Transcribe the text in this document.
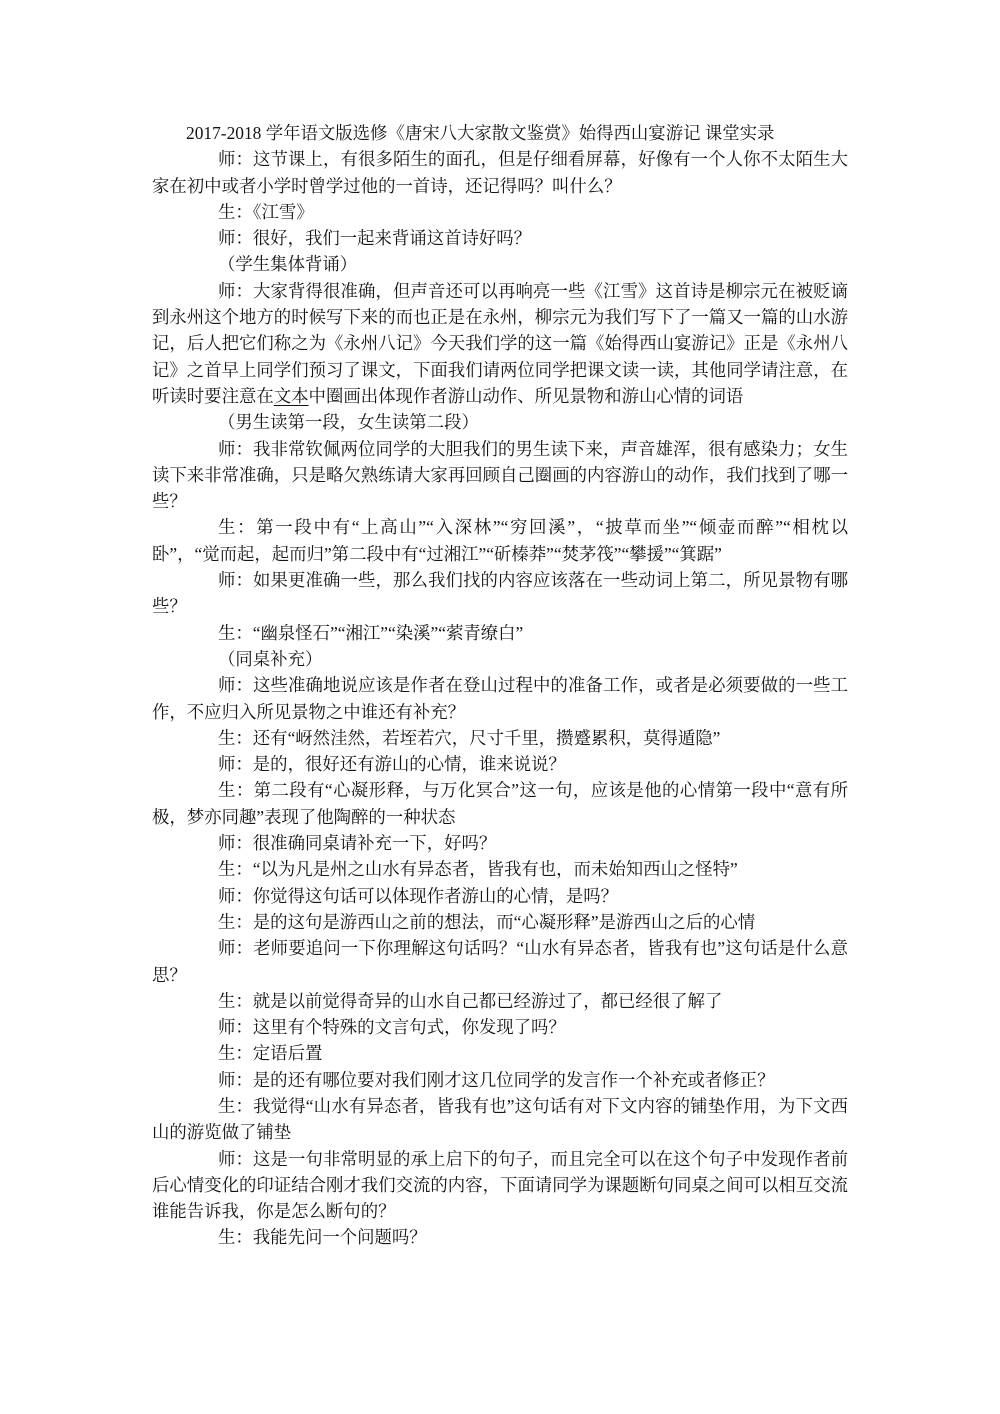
2017-2018 学年语文版选修《唐宋八大家散文鉴赏》始得西山宴游记 课堂实录

师：这节课上，有很多陌生的面孔，但是仔细看屏幕，好像有一个人你不太陌生大家在初中或者小学时曾学过他的一首诗，还记得吗？叫什么？

生：《江雪》

师：很好，我们一起来背诵这首诗好吗？

（学生集体背诵）

师：大家背得很准确，但声音还可以再响亮一些《江雪》这首诗是柳宗元在被贬谪到永州这个地方的时候写下来的而也正是在永州，柳宗元为我们写下了一篇又一篇的山水游记，后人把它们称之为《永州八记》今天我们学的这一篇《始得西山宴游记》正是《永州八记》之首早上同学们预习了课文，下面我们请两位同学把课文读一读，其他同学请注意，在听读时要注意在文本中圈画出体现作者游山动作、所见景物和游山心情的词语

（男生读第一段，女生读第二段）

师：我非常钦佩两位同学的大胆我们的男生读下来，声音雄浑，很有感染力；女生读下来非常准确，只是略欠熟练请大家再回顾自己圈画的内容游山的动作，我们找到了哪一些？

生：第一段中有“上高山”“入深林”“穷回溪”，“披草而坐”“倾壶而醉”“相枕以卧”，“觉而起，起而归”第二段中有“过湘江”“斫榛莽”“焚茅筏”“攀援”“箕踞”

师：如果更准确一些，那么我们找的内容应该落在一些动词上第二，所见景物有哪些？

生：“幽泉怪石”“湘江”“染溪”“萦青缭白”

（同桌补充）

师：这些准确地说应该是作者在登山过程中的准备工作，或者是必须要做的一些工作，不应归入所见景物之中谁还有补充？

生：还有“岈然洼然，若垤若穴，尺寸千里，攒蹙累积，莫得遁隐”

师：是的，很好还有游山的心情，谁来说说？

生：第二段有“心凝形释，与万化冥合”这一句，应该是他的心情第一段中“意有所极，梦亦同趣”表现了他陶醉的一种状态

师：很准确同桌请补充一下，好吗？

生：“以为凡是州之山水有异态者，皆我有也，而未始知西山之怪特”

师：你觉得这句话可以体现作者游山的心情，是吗？

生：是的这句是游西山之前的想法，而“心凝形释”是游西山之后的心情

师：老师要追问一下你理解这句话吗？“山水有异态者，皆我有也”这句话是什么意思？

生：就是以前觉得奇异的山水自己都已经游过了，都已经很了解了

师：这里有个特殊的文言句式，你发现了吗？

生：定语后置

师：是的还有哪位要对我们刚才这几位同学的发言作一个补充或者修正？

生：我觉得“山水有异态者，皆我有也”这句话有对下文内容的铺垫作用，为下文西山的游览做了铺垫

师：这是一句非常明显的承上启下的句子，而且完全可以在这个句子中发现作者前后心情变化的印证结合刚才我们交流的内容，下面请同学为课题断句同桌之间可以相互交流谁能告诉我，你是怎么断句的？

生：我能先问一个问题吗？
